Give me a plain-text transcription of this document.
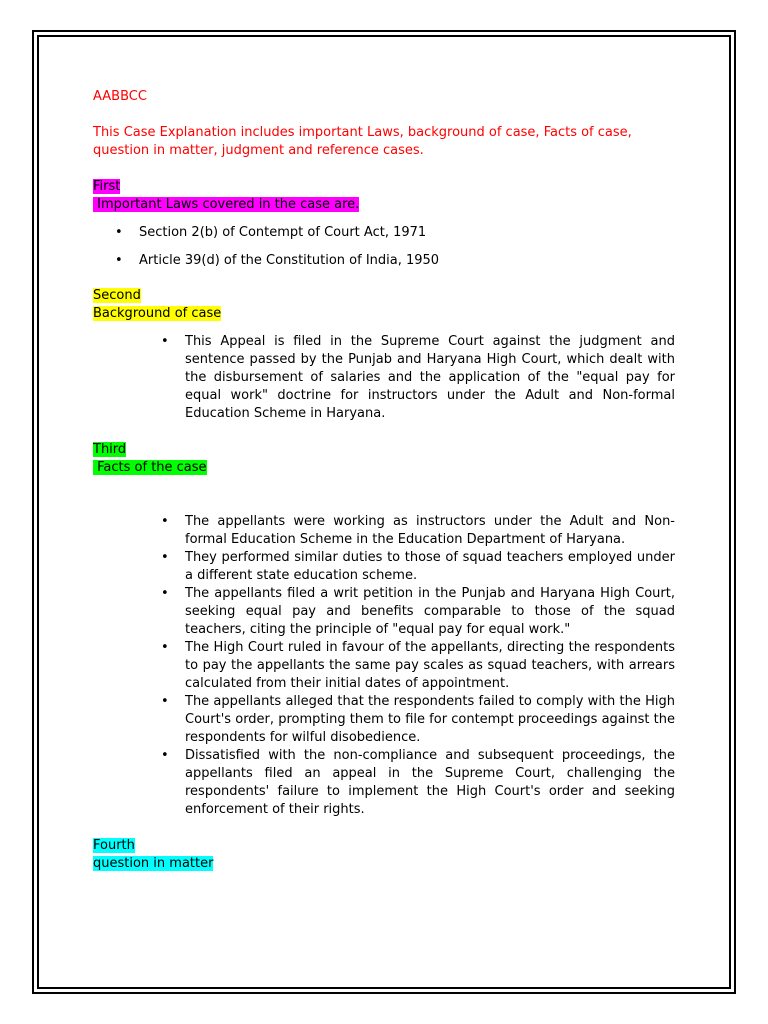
AABBCC
This Case Explanation includes important Laws, background of case, Facts of case, question in matter, judgment and reference cases.
First
Important Laws covered in the case are.
• Section 2(b) of Contempt of Court Act, 1971
• Article 39(d) of the Constitution of India, 1950
Second
Background of case
• This Appeal is filed in the Supreme Court against the judgment and sentence passed by the Punjab and Haryana High Court, which dealt with the disbursement of salaries and the application of the "equal pay for equal work" doctrine for instructors under the Adult and Non-formal Education Scheme in Haryana.
Third
Facts of the case
• The appellants were working as instructors under the Adult and Non-formal Education Scheme in the Education Department of Haryana.
• They performed similar duties to those of squad teachers employed under a different state education scheme.
• The appellants filed a writ petition in the Punjab and Haryana High Court, seeking equal pay and benefits comparable to those of the squad teachers, citing the principle of "equal pay for equal work."
• The High Court ruled in favour of the appellants, directing the respondents to pay the appellants the same pay scales as squad teachers, with arrears calculated from their initial dates of appointment.
• The appellants alleged that the respondents failed to comply with the High Court's order, prompting them to file for contempt proceedings against the respondents for wilful disobedience.
• Dissatisfied with the non-compliance and subsequent proceedings, the appellants filed an appeal in the Supreme Court, challenging the respondents' failure to implement the High Court's order and seeking enforcement of their rights.
Fourth
question in matter
